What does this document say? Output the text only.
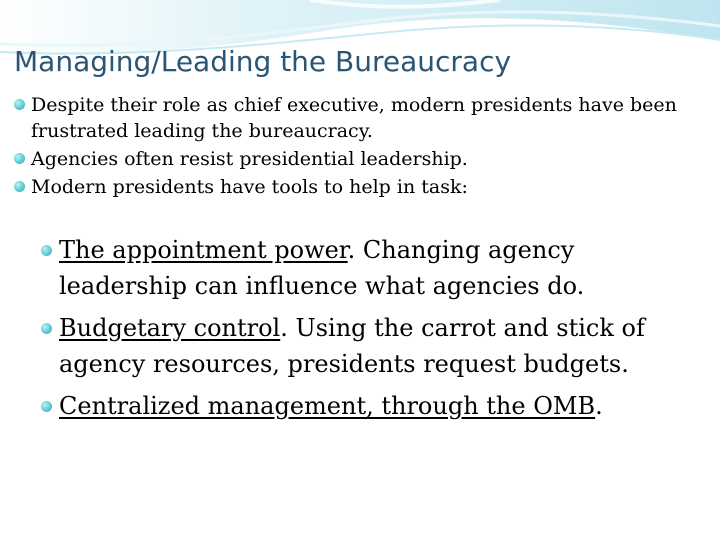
Managing/Leading the Bureaucracy
Despite their role as chief executive, modern presidents have been frustrated leading the bureaucracy.
Agencies often resist presidential leadership.
Modern presidents have tools to help in task:
The appointment power. Changing agency leadership can influence what agencies do.
Budgetary control. Using the carrot and stick of agency resources, presidents request budgets.
Centralized management, through the OMB.
